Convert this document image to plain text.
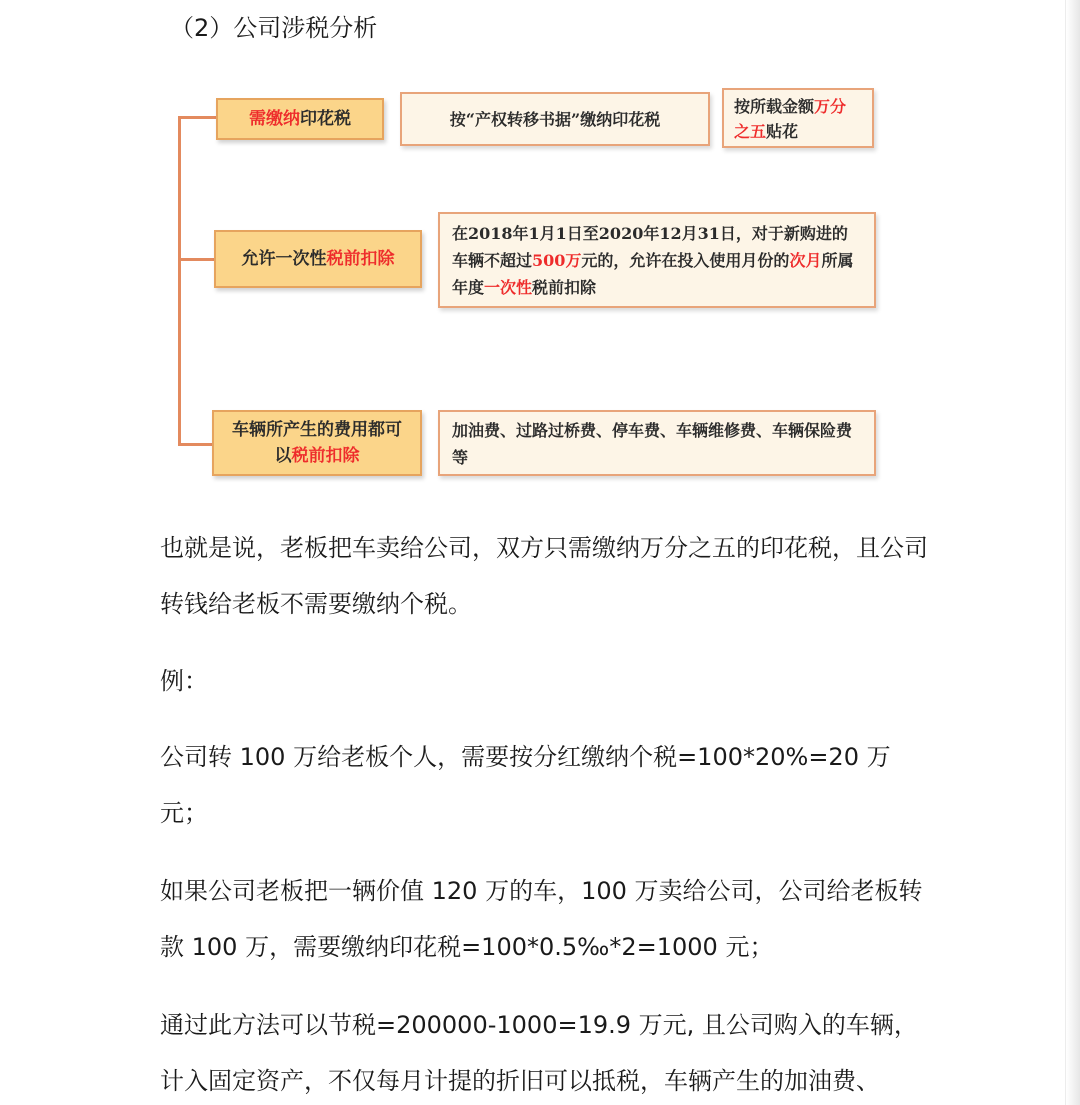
（2）公司涉税分析
需缴纳印花税	按“产权转移书据”缴纳印花税
按所载金额万分之五贴花
允许一次性税前扣除
在2018年1月1日至2020年12月31日，对于新购进的车辆不超过500万元的，允许在投入使用月份的次月所属年度一次性税前扣除
车辆所产生的费用都可以税前扣除
加油费、过路过桥费、停车费、车辆维修费、车辆保险费等

也就是说，老板把车卖给公司，双方只需缴纳万分之五的印花税，且公司转钱给老板不需要缴纳个税。

例：

公司转 100 万给老板个人，需要按分红缴纳个税=100*20%=20 万元；

如果公司老板把一辆价值 120 万的车，100 万卖给公司，公司给老板转款 100 万，需要缴纳印花税=100*0.5‰*2=1000 元；

通过此方法可以节税=200000-1000=19.9 万元, 且公司购入的车辆，计入固定资产，不仅每月计提的折旧可以抵税，车辆产生的加油费、
